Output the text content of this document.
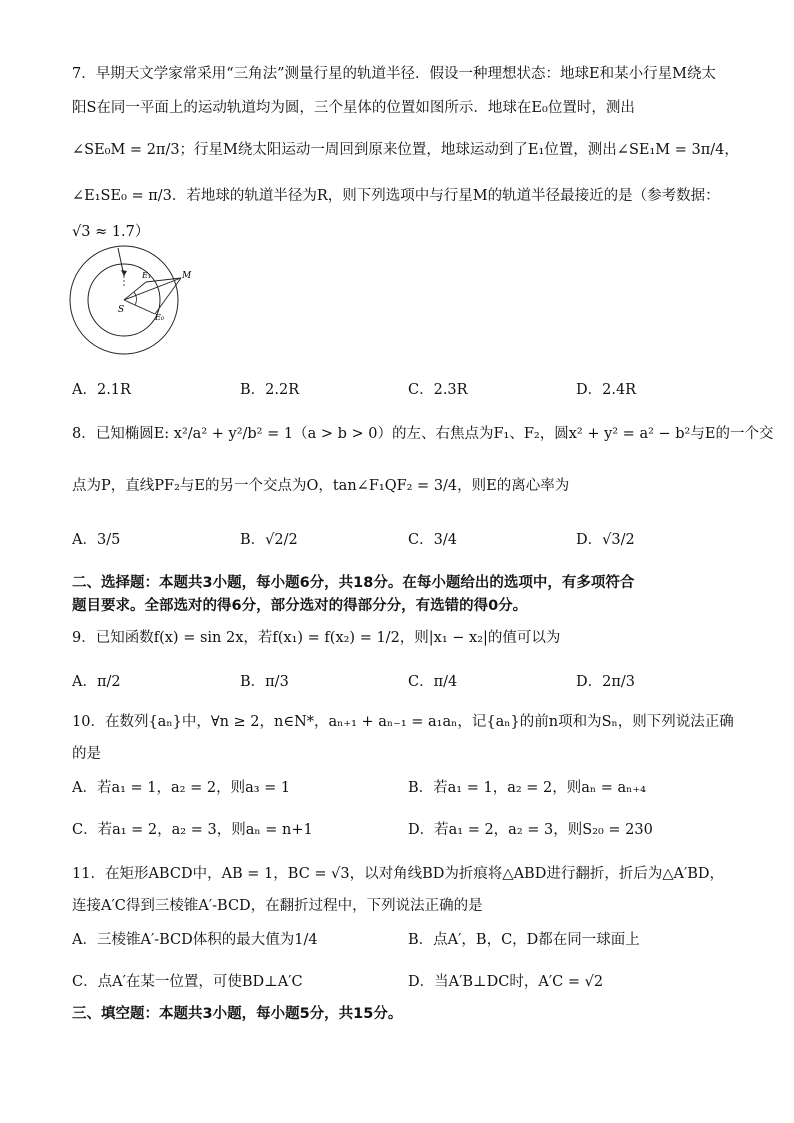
7．早期天文学家常采用“三角法”测量行星的轨道半径．假设一种理想状态：地球E和某小行星M绕太
阳S在同一平面上的运动轨道均为圆，三个星体的位置如图所示．地球在E₀位置时，测出
∠SE₀M = 2π/3；行星M绕太阳运动一周回到原来位置，地球运动到了E₁位置，测出∠SE₁M = 3π/4，
∠E₁SE₀ = π/3．若地球的轨道半径为R，则下列选项中与行星M的轨道半径最接近的是（参考数据：
√3 ≈ 1.7）
S
E₁
E₀
M
A．2.1R	B．2.2R	C．2.3R	D．2.4R
8．已知椭圆E: x²/a² + y²/b² = 1（a > b > 0）的左、右焦点为F₁、F₂，圆x² + y² = a² − b²与E的一个交
点为P，直线PF₂与E的另一个交点为O，tan∠F₁QF₂ = 3/4，则E的离心率为
A．3/5	B．√2/2	C．3/4	D．√3/2
二、选择题：本题共3小题，每小题6分，共18分。在每小题给出的选项中，有多项符合
题目要求。全部选对的得6分，部分选对的得部分分，有选错的得0分。
9．已知函数f(x) = sin 2x，若f(x₁) = f(x₂) = 1/2，则|x₁ − x₂|的值可以为
A．π/2	B．π/3	C．π/4	D．2π/3
10．在数列{aₙ}中，∀n ≥ 2，n∈N*，aₙ₊₁ + aₙ₋₁ = a₁aₙ，记{aₙ}的前n项和为Sₙ，则下列说法正确
的是
A．若a₁ = 1，a₂ = 2，则a₃ = 1	B．若a₁ = 1，a₂ = 2，则aₙ = aₙ₊₄
C．若a₁ = 2，a₂ = 3，则aₙ = n+1	D．若a₁ = 2，a₂ = 3，则S₂₀ = 230
11．在矩形ABCD中，AB = 1，BC = √3，以对角线BD为折痕将△ABD进行翻折，折后为△A′BD，
连接A′C得到三棱锥A′-BCD，在翻折过程中，下列说法正确的是
A．三棱锥A′-BCD体积的最大值为1/4	B．点A′，B，C，D都在同一球面上
C．点A′在某一位置，可使BD⊥A′C	D．当A′B⊥DC时，A′C = √2
三、填空题：本题共3小题，每小题5分，共15分。
